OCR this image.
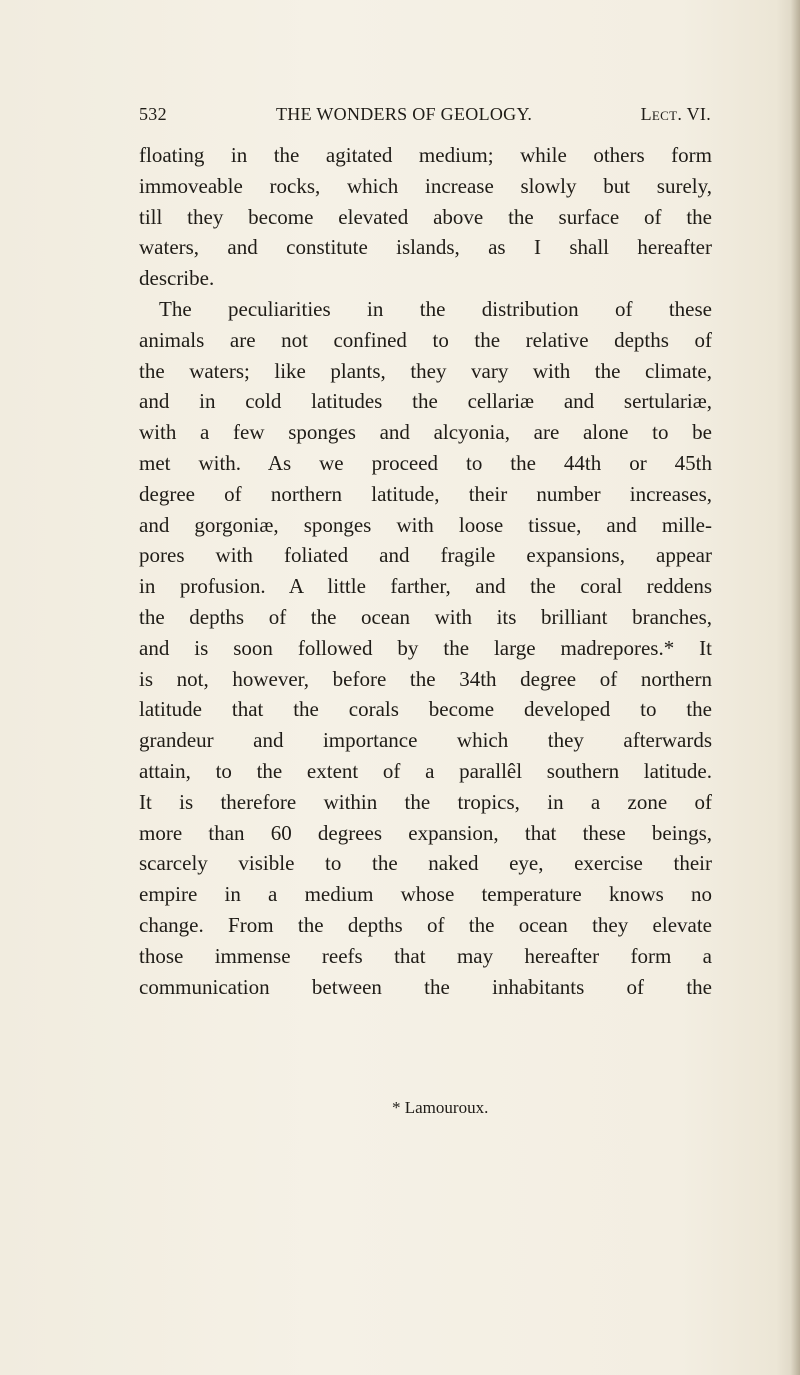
532	THE WONDERS OF GEOLOGY.	Lect. VI.
floating in the agitated medium; while others form
immoveable rocks, which increase slowly but surely,
till they become elevated above the surface of the
waters, and constitute islands, as I shall hereafter
describe.
The peculiarities in the distribution of these
animals are not confined to the relative depths of
the waters; like plants, they vary with the climate,
and in cold latitudes the cellariæ and sertulariæ,
with a few sponges and alcyonia, are alone to be
met with. As we proceed to the 44th or 45th
degree of northern latitude, their number increases,
and gorgoniæ, sponges with loose tissue, and mille-
pores with foliated and fragile expansions, appear
in profusion. A little farther, and the coral reddens
the depths of the ocean with its brilliant branches,
and is soon followed by the large madrepores.* It
is not, however, before the 34th degree of northern
latitude that the corals become developed to the
grandeur and importance which they afterwards
attain, to the extent of a parallêl southern latitude.
It is therefore within the tropics, in a zone of
more than 60 degrees expansion, that these beings,
scarcely visible to the naked eye, exercise their
empire in a medium whose temperature knows no
change. From the depths of the ocean they elevate
those immense reefs that may hereafter form a
communication between the inhabitants of the
* Lamouroux.
